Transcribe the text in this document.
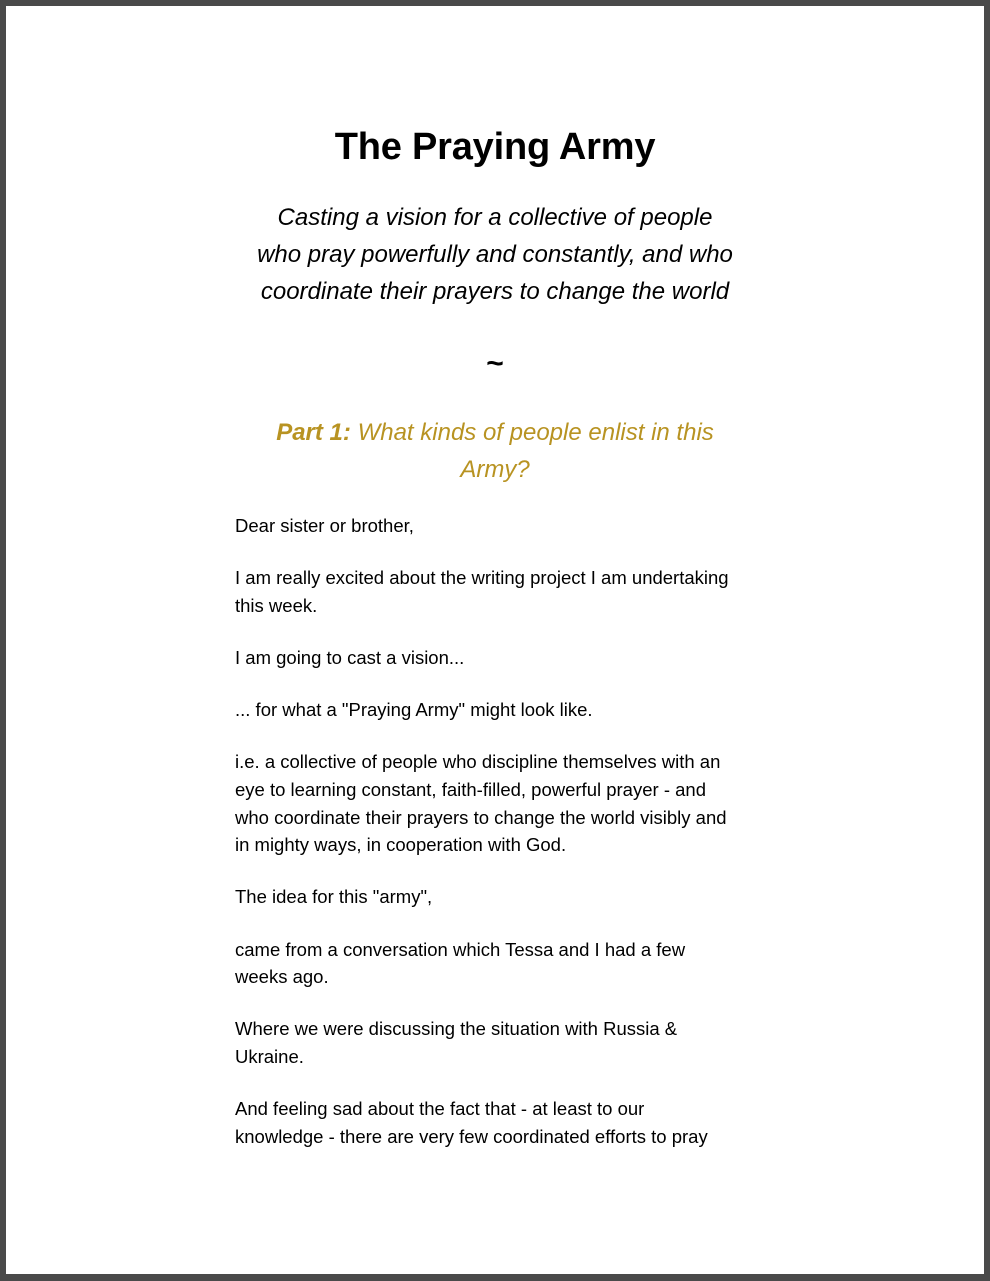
The Praying Army

Casting a vision for a collective of people
who pray powerfully and constantly, and who
coordinate their prayers to change the world

~
Part 1: What kinds of people enlist in this
Army?

Dear sister or brother,

I am really excited about the writing project I am undertaking
this week.

I am going to cast a vision...

... for what a "Praying Army" might look like.

i.e. a collective of people who discipline themselves with an
eye to learning constant, faith-filled, powerful prayer - and
who coordinate their prayers to change the world visibly and
in mighty ways, in cooperation with God.

The idea for this "army",

came from a conversation which Tessa and I had a few
weeks ago.

Where we were discussing the situation with Russia &
Ukraine.

And feeling sad about the fact that - at least to our
knowledge - there are very few coordinated efforts to pray
